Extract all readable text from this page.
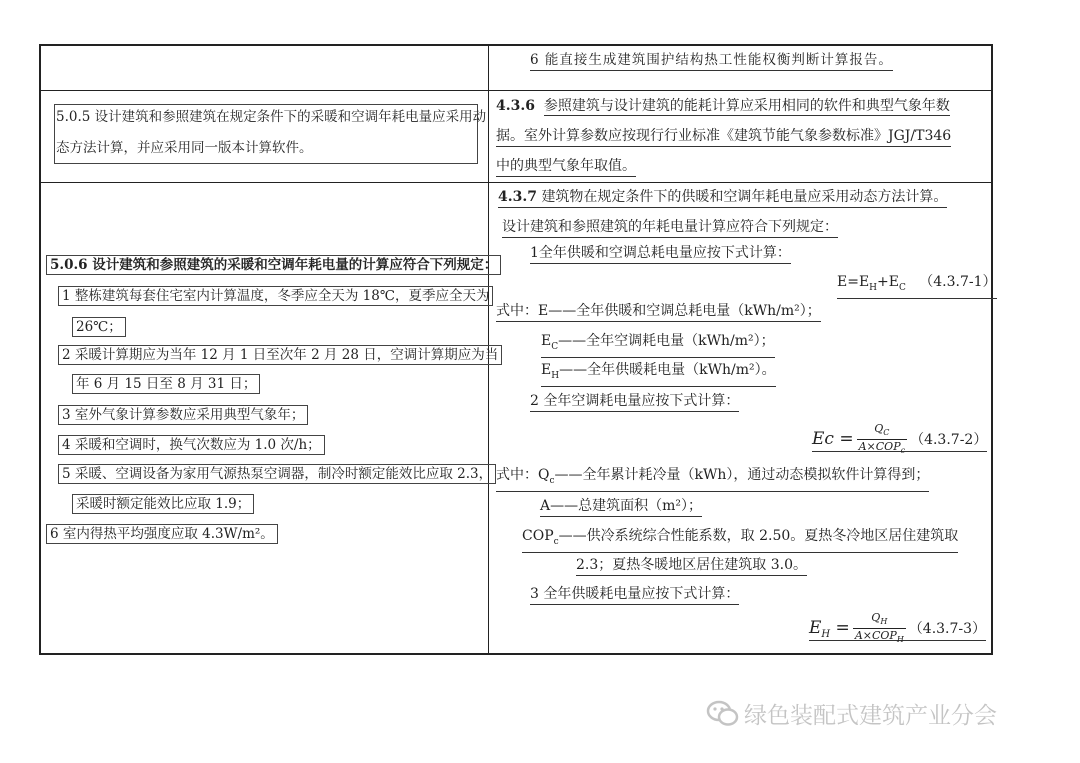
5.0.5 设计建筑和参照建筑在规定条件下的采暖和空调年耗电量应采用动
态方法计算，并应采用同一版本计算软件。
5.0.6 设计建筑和参照建筑的采暖和空调年耗电量的计算应符合下列规定：
1 整栋建筑每套住宅室内计算温度，冬季应全天为 18℃，夏季应全天为
26℃；
2 采暖计算期应为当年 12 月 1 日至次年 2 月 28 日，空调计算期应为当
年 6 月 15 日至 8 月 31 日；
3 室外气象计算参数应采用典型气象年；
4 采暖和空调时，换气次数应为 1.0 次/h；
5 采暖、空调设备为家用气源热泵空调器，制冷时额定能效比应取 2.3，
采暖时额定能效比应取 1.9；
6 室内得热平均强度应取 4.3W/m²。
6 能直接生成建筑围护结构热工性能权衡判断计算报告。
4.3.6 参照建筑与设计建筑的能耗计算应采用相同的软件和典型气象年数
据。室外计算参数应按现行行业标准《建筑节能气象参数标准》JGJ/T346
中的典型气象年取值。
4.3.7 建筑物在规定条件下的供暖和空调年耗电量应采用动态方法计算。
设计建筑和参照建筑的年耗电量计算应符合下列规定：
1全年供暖和空调总耗电量应按下式计算：
$E=E_H+E_C$ （4.3.7-1）
式中：E——全年供暖和空调总耗电量（kWh/m²）；
$E_C——$全年空调耗电量（kWh/m²）；
$E_H——$全年供暖耗电量（kWh/m²）。
2 全年空调耗电量应按下式计算：
$Ec = \frac{Q_C}{A\times COP_c} (4.3.7-2)$
式中：$Q_c——$全年累计耗冷量（kWh），通过动态模拟软件计算得到；
A——总建筑面积（m²）；
$COP_c——$供冷系统综合性能系数，取 2.50。夏热冬冷地区居住建筑取
2.3；夏热冬暖地区居住建筑取 3.0。
3 全年供暖耗电量应按下式计算：
$E_H = \frac{Q_H}{A\times COP_H} (4.3.7-3)$
绿色装配式建筑产业分会
